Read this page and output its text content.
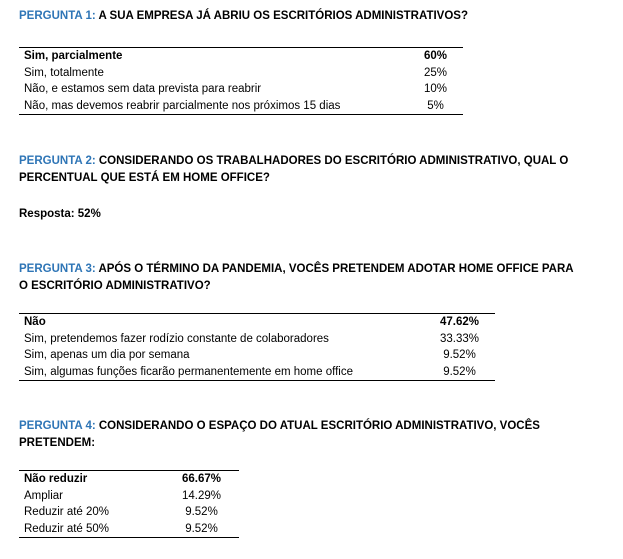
PERGUNTA 1: A SUA EMPRESA JÁ ABRIU OS ESCRITÓRIOS ADMINISTRATIVOS?
Sim, parcialmente	60%
Sim, totalmente	25%
Não, e estamos sem data prevista para reabrir	10%
Não, mas devemos reabrir parcialmente nos próximos 15 dias	5%
PERGUNTA 2: CONSIDERANDO OS TRABALHADORES DO ESCRITÓRIO ADMINISTRATIVO, QUAL O
PERCENTUAL QUE ESTÁ EM HOME OFFICE?
Resposta: 52%
PERGUNTA 3: APÓS O TÉRMINO DA PANDEMIA, VOCÊS PRETENDEM ADOTAR HOME OFFICE PARA
O ESCRITÓRIO ADMINISTRATIVO?
Não	47.62%
Sim, pretendemos fazer rodízio constante de colaboradores	33.33%
Sim, apenas um dia por semana	9.52%
Sim, algumas funções ficarão permanentemente em home office	9.52%
PERGUNTA 4: CONSIDERANDO O ESPAÇO DO ATUAL ESCRITÓRIO ADMINISTRATIVO, VOCÊS
PRETENDEM:
Não reduzir	66.67%
Ampliar	14.29%
Reduzir até 20%	9.52%
Reduzir até 50%	9.52%
